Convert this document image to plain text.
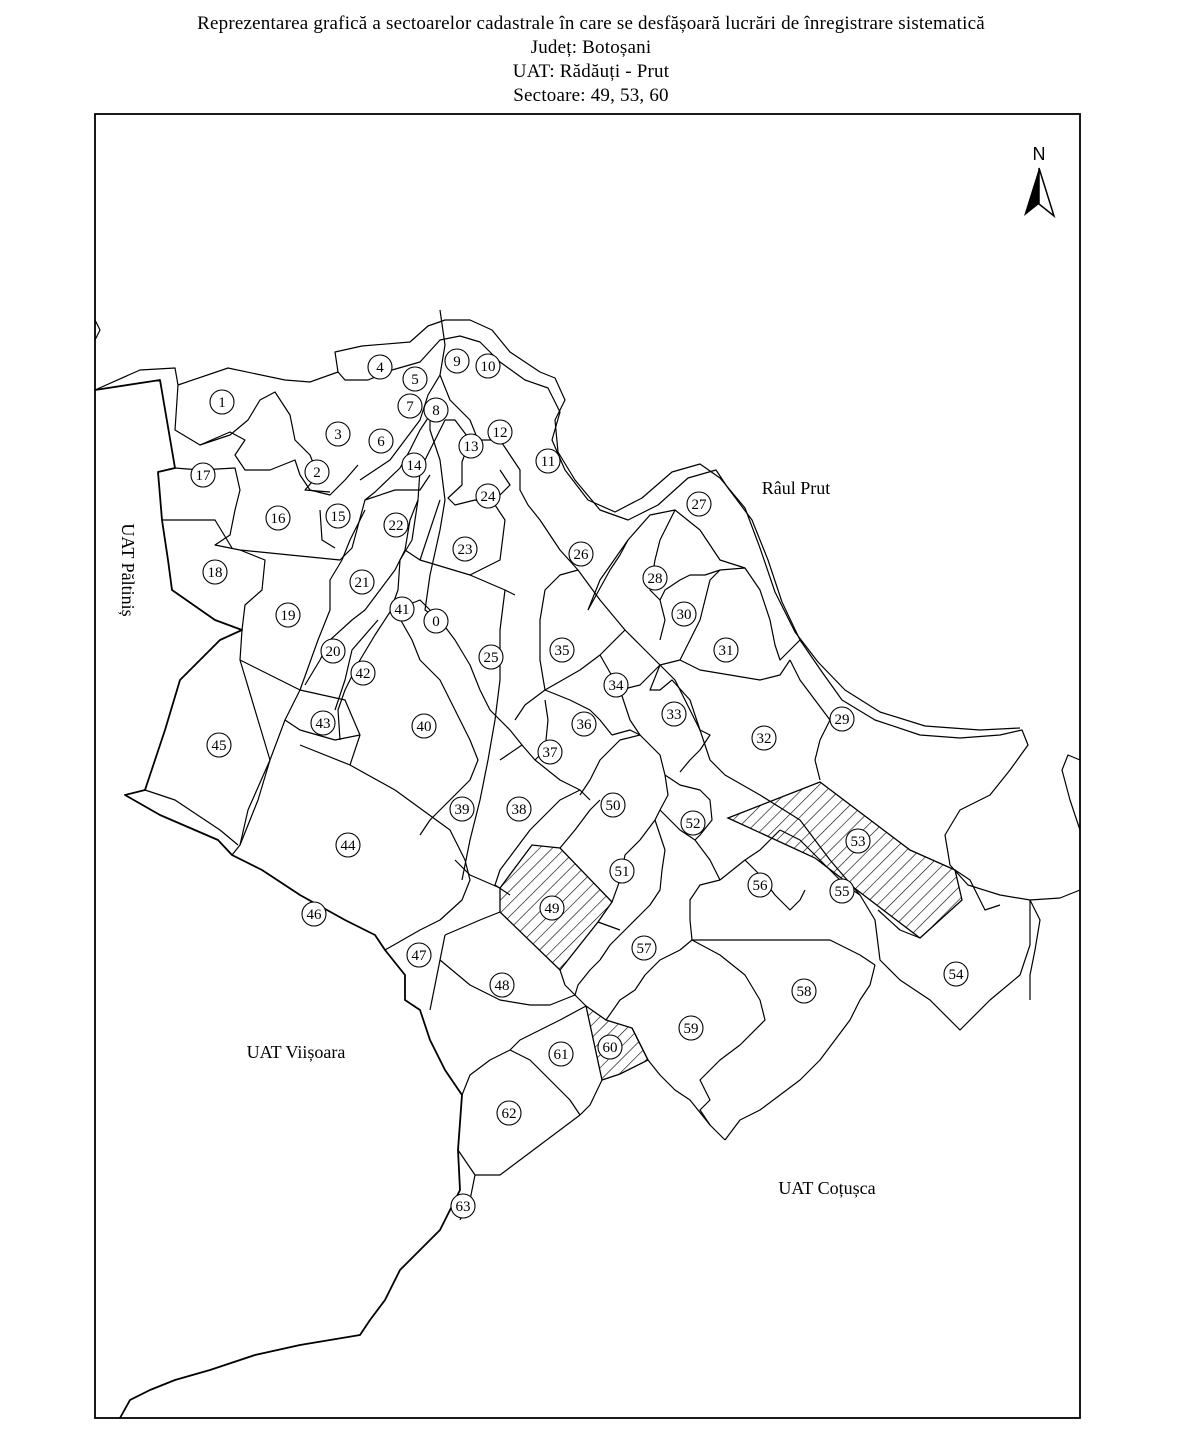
Reprezentarea grafică a sectoarelor cadastrale în care se desfășoară lucrări de înregistrare sistematică
Județ: Botoșani
UAT: Rădăuți - Prut
Sectoare: 49, 53, 60
N
0
1
2
3
4
5
6
7 8
9 10
11
12
13
14
15
16
17
18
19
20
21
22
23
24
25
26
27
28
29
30
31
32
33
34
35
36
37
38
39
40
41
42
43
44
45
46
47
48
49
50
51
52
53
54
55
56
57
58
59
60
61
62
63
Râul Prut
UAT Păltiniș
UAT Viișoara
UAT Coțușca
